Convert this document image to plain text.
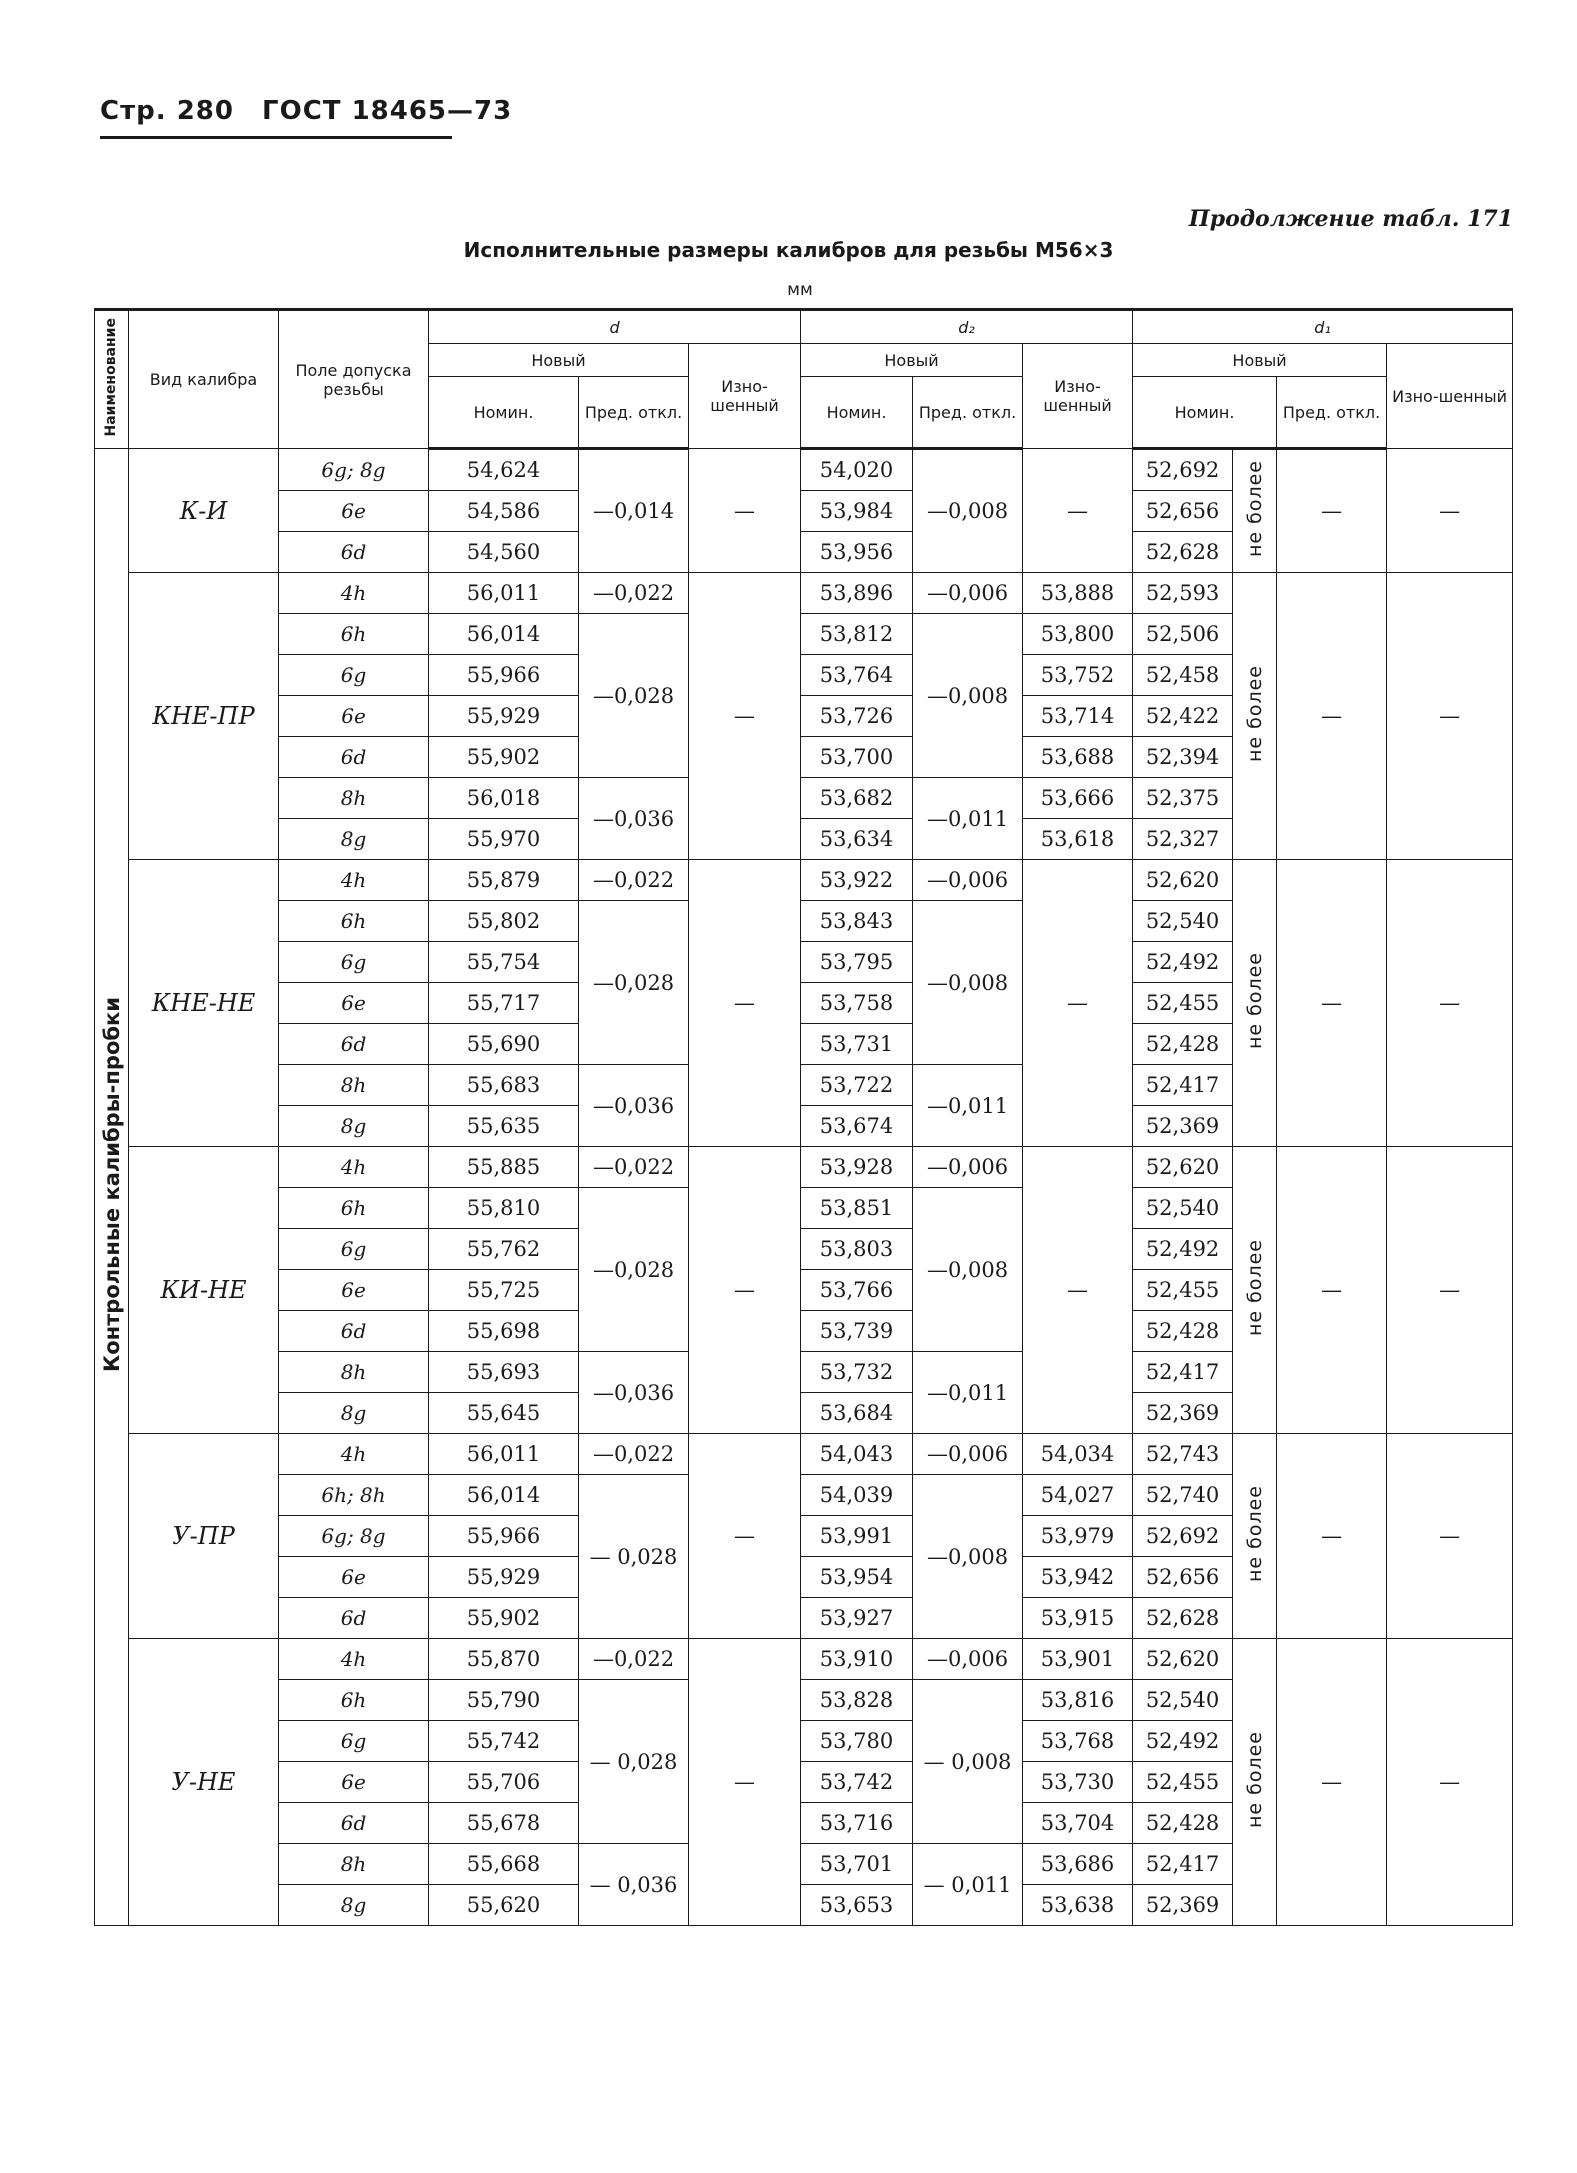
Стр. 280 ГОСТ 18465—73
Продолжение табл. 171
Исполнительные размеры калибров для резьбы М56×3
мм
Наименование	Вид калибра	Поле допуска резьбы	d			d₂			d₁			
			Новый		Изно-шенный	Новый		Изно-шенный	Новый			Изно-шенный
			Номин.	Пред. откл.		Номин.	Пред. откл.		Номин.		Пред. откл.	
Контрольные калибры-пробки	К-И	6g; 8g	54,624	—0,014	—	54,020	—0,008	—	52,692	не более	—	—
		6e	54,586			53,984			52,656			
		6d	54,560			53,956			52,628			
	КНЕ-ПР	4h	56,011	—0,022	—	53,896	—0,006	53,888	52,593	не более	—	—
		6h	56,014	—0,028		53,812	—0,008	53,800	52,506			
		6g	55,966			53,764		53,752	52,458			
		6e	55,929			53,726		53,714	52,422			
		6d	55,902			53,700		53,688	52,394			
		8h	56,018	—0,036		53,682	—0,011	53,666	52,375			
		8g	55,970			53,634		53,618	52,327			
	КНЕ-НЕ	4h	55,879	—0,022	—	53,922	—0,006	—	52,620	не более	—	—
		6h	55,802	—0,028		53,843	—0,008		52,540			
		6g	55,754			53,795			52,492			
		6e	55,717			53,758			52,455			
		6d	55,690			53,731			52,428			
		8h	55,683	—0,036		53,722	—0,011		52,417			
		8g	55,635			53,674			52,369			
	КИ-НЕ	4h	55,885	—0,022	—	53,928	—0,006	—	52,620	не более	—	—
		6h	55,810	—0,028		53,851	—0,008		52,540			
		6g	55,762			53,803			52,492			
		6e	55,725			53,766			52,455			
		6d	55,698			53,739			52,428			
		8h	55,693	—0,036		53,732	—0,011		52,417			
		8g	55,645			53,684			52,369			
	У-ПР	4h	56,011	—0,022	—	54,043	—0,006	54,034	52,743	не более	—	—
		6h; 8h	56,014	— 0,028		54,039	—0,008	54,027	52,740			
		6g; 8g	55,966			53,991		53,979	52,692			
		6e	55,929			53,954		53,942	52,656			
		6d	55,902			53,927		53,915	52,628			
	У-НЕ	4h	55,870	—0,022	—	53,910	—0,006	53,901	52,620	не более	—	—
		6h	55,790	— 0,028		53,828	— 0,008	53,816	52,540			
		6g	55,742			53,780		53,768	52,492			
		6e	55,706			53,742		53,730	52,455			
		6d	55,678			53,716		53,704	52,428			
		8h	55,668	— 0,036		53,701	— 0,011	53,686	52,417			
		8g	55,620			53,653		53,638	52,369			
